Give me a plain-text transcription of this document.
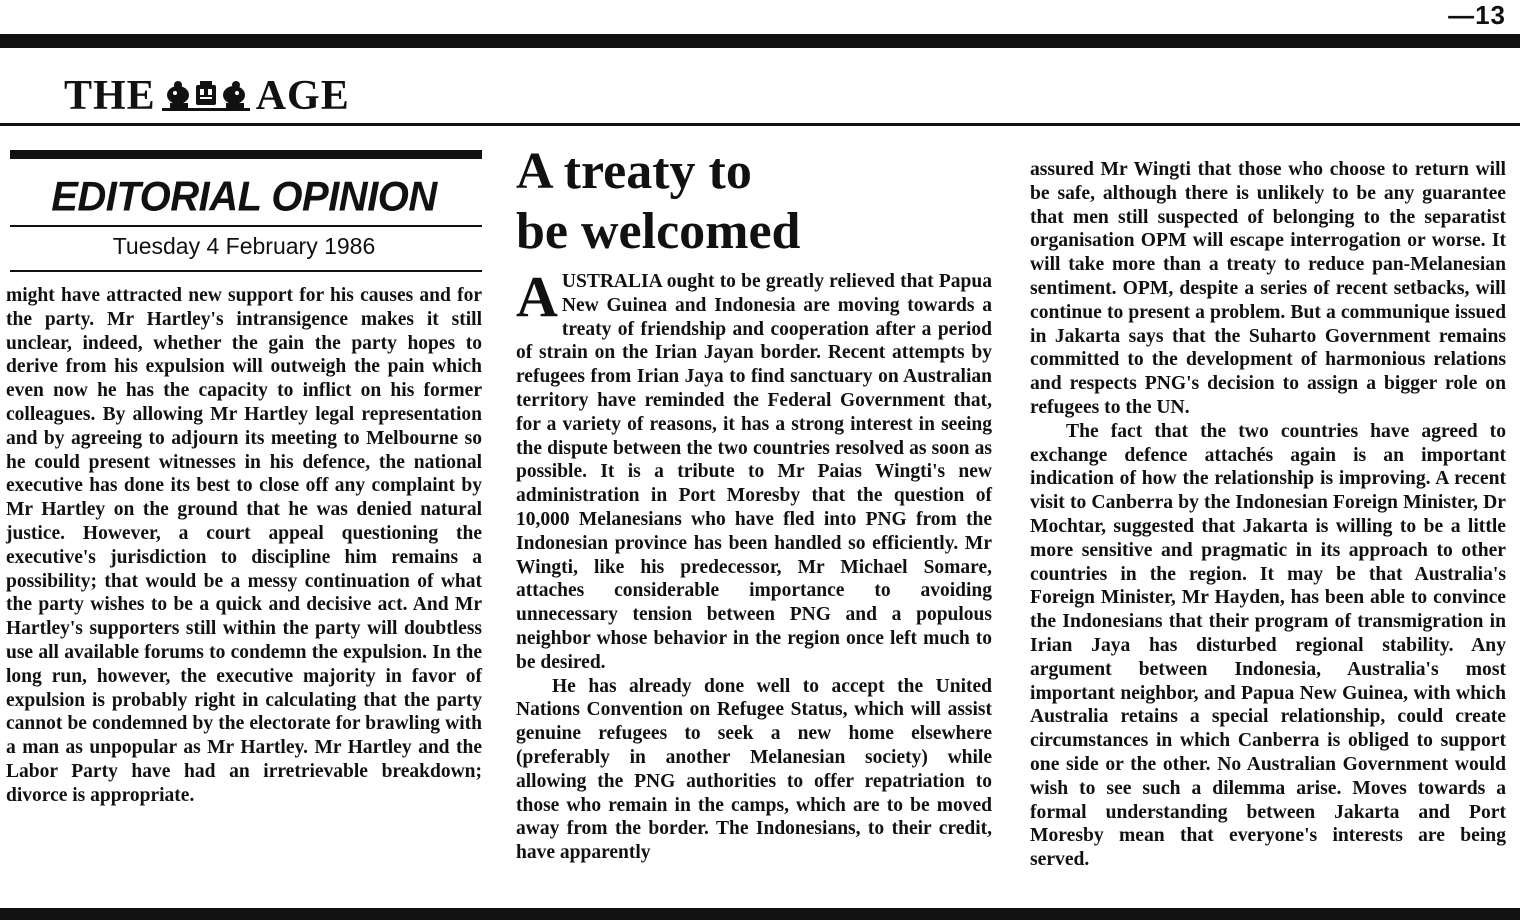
—13
THE AGE
EDITORIAL OPINION
Tuesday 4 February 1986

might have attracted new support for his causes and for the party. Mr Hartley's intransigence makes it still unclear, indeed, whether the gain the party hopes to derive from his expulsion will outweigh the pain which even now he has the capacity to inflict on his former colleagues. By allowing Mr Hartley legal representation and by agreeing to adjourn its meeting to Melbourne so he could present witnesses in his defence, the national executive has done its best to close off any complaint by Mr Hartley on the ground that he was denied natural justice. However, a court appeal questioning the executive's jurisdiction to discipline him remains a possibility; that would be a messy continuation of what the party wishes to be a quick and decisive act. And Mr Hartley's supporters still within the party will doubtless use all available forums to condemn the expulsion. In the long run, however, the executive majority in favor of expulsion is probably right in calculating that the party cannot be condemned by the electorate for brawling with a man as unpopular as Mr Hartley. Mr Hartley and the Labor Party have had an irretrievable breakdown; divorce is appropriate.

A treaty to
be welcomed

AUSTRALIA ought to be greatly relieved that Papua New Guinea and Indonesia are moving towards a treaty of friendship and cooperation after a period of strain on the Irian Jayan border. Recent attempts by refugees from Irian Jaya to find sanctuary on Australian territory have reminded the Federal Government that, for a variety of reasons, it has a strong interest in seeing the dispute between the two countries resolved as soon as possible. It is a tribute to Mr Paias Wingti's new administration in Port Moresby that the question of 10,000 Melanesians who have fled into PNG from the Indonesian province has been handled so efficiently. Mr Wingti, like his predecessor, Mr Michael Somare, attaches considerable importance to avoiding unnecessary tension between PNG and a populous neighbor whose behavior in the region once left much to be desired.

He has already done well to accept the United Nations Convention on Refugee Status, which will assist genuine refugees to seek a new home elsewhere (preferably in another Melanesian society) while allowing the PNG authorities to offer repatriation to those who remain in the camps, which are to be moved away from the border. The Indonesians, to their credit, have apparently

assured Mr Wingti that those who choose to return will be safe, although there is unlikely to be any guarantee that men still suspected of belonging to the separatist organisation OPM will escape interrogation or worse. It will take more than a treaty to reduce pan-Melanesian sentiment. OPM, despite a series of recent setbacks, will continue to present a problem. But a communique issued in Jakarta says that the Suharto Government remains committed to the development of harmonious relations and respects PNG's decision to assign a bigger role on refugees to the UN.

The fact that the two countries have agreed to exchange defence attachés again is an important indication of how the relationship is improving. A recent visit to Canberra by the Indonesian Foreign Minister, Dr Mochtar, suggested that Jakarta is willing to be a little more sensitive and pragmatic in its approach to other countries in the region. It may be that Australia's Foreign Minister, Mr Hayden, has been able to convince the Indonesians that their program of transmigration in Irian Jaya has disturbed regional stability. Any argument between Indonesia, Australia's most important neighbor, and Papua New Guinea, with which Australia retains a special relationship, could create circumstances in which Canberra is obliged to support one side or the other. No Australian Government would wish to see such a dilemma arise. Moves towards a formal understanding between Jakarta and Port Moresby mean that everyone's interests are being served.
